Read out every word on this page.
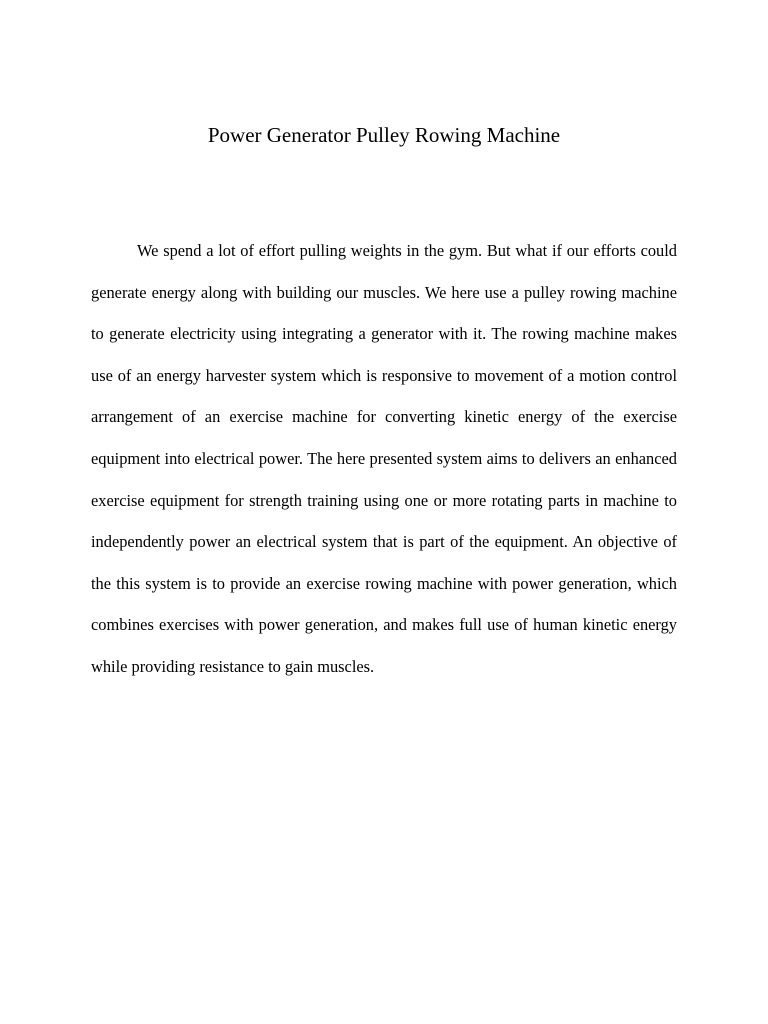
Power Generator Pulley Rowing Machine

We spend a lot of effort pulling weights in the gym. But what if our efforts could generate energy along with building our muscles. We here use a pulley rowing machine to generate electricity using integrating a generator with it. The rowing machine makes use of an energy harvester system which is responsive to movement of a motion control arrangement of an exercise machine for converting kinetic energy of the exercise equipment into electrical power. The here presented system aims to delivers an enhanced exercise equipment for strength training using one or more rotating parts in machine to independently power an electrical system that is part of the equipment. An objective of the this system is to provide an exercise rowing machine with power generation, which combines exercises with power generation, and makes full use of human kinetic energy while providing resistance to gain muscles.
